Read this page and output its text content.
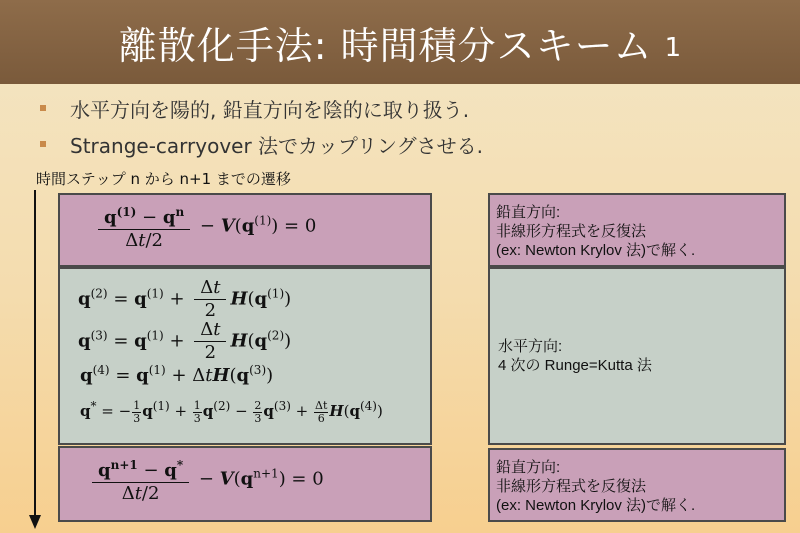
離散化手法: 時間積分スキーム 1
水平方向を陽的, 鉛直方向を陰的に取り扱う.
Strange-carryover 法でカップリングさせる.
時間ステップ n から n+1 までの遷移
$\frac{q^{(1)} - q^n}{\Delta t/2} - V(q^{(1)}) = 0$
$q^{(2)} = q^{(1)} + \frac{\Delta t}{2} H(q^{(1)})$
$q^{(3)} = q^{(1)} + \frac{\Delta t}{2} H(q^{(2)})$
$q^{(4)} = q^{(1)} + \Delta tH(q^{(3)})$
q* = − $\frac{1}{3} q^{(1)} + \frac{1}{3} q^{(2)} - \frac{2}{3} q^{(3)} + \frac{\Delta t}{6} H(q^{(4)})$
$\frac{q^{n+1} - q^*}{\Delta t/2} - V(q^{n+1}) = 0$
鉛直方向:
非線形方程式を反復法
(ex: Newton Krylov 法)で解く.
水平方向:
4 次の Runge=Kutta 法
鉛直方向:
非線形方程式を反復法
(ex: Newton Krylov 法)で解く.
